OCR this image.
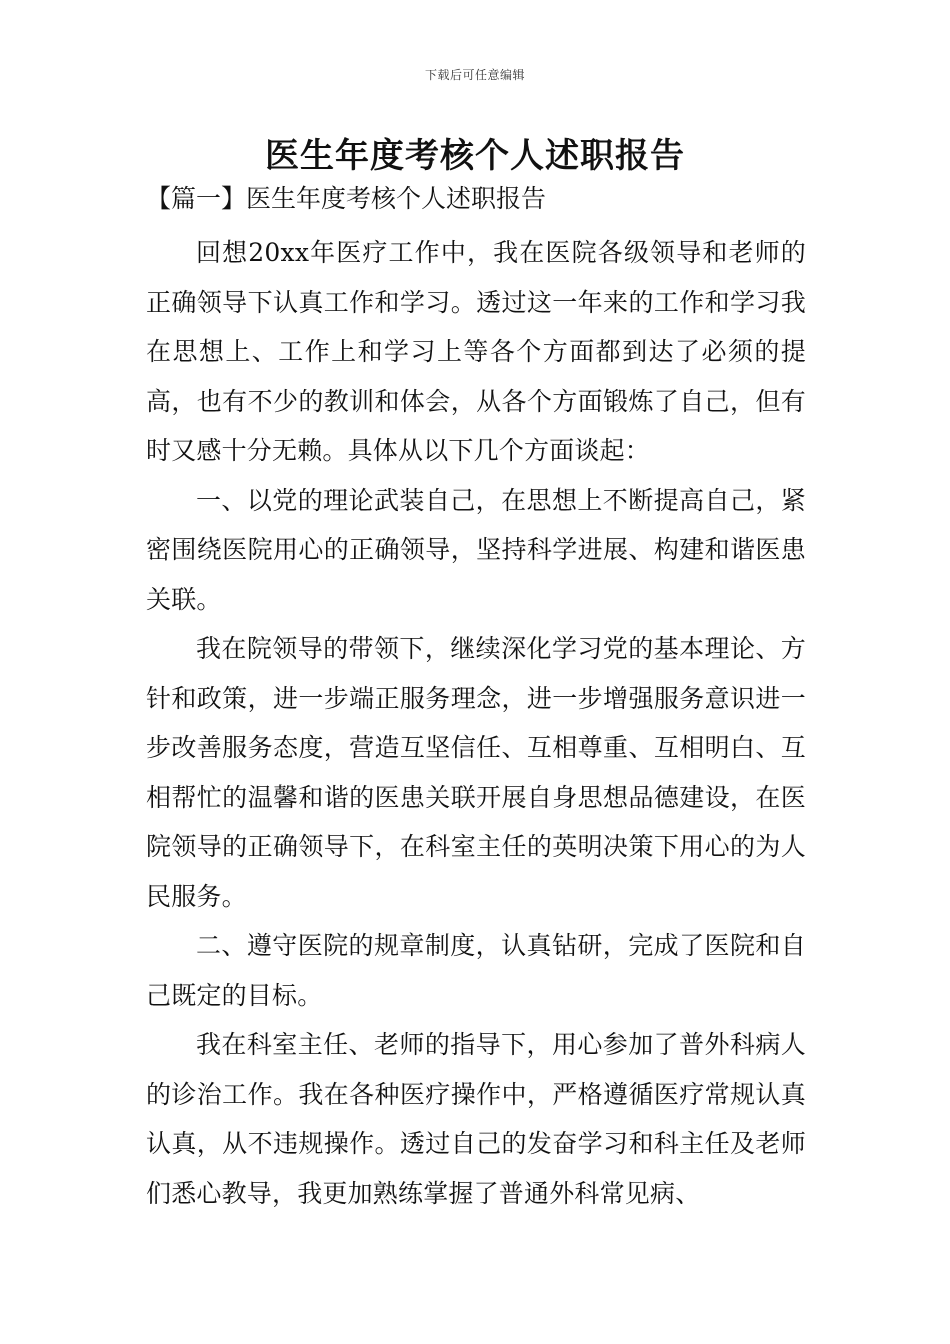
下载后可任意编辑
医生年度考核个人述职报告
【篇一】医生年度考核个人述职报告

回想20xx年医疗工作中，我在医院各级领导和老师的正确领导下认真工作和学习。透过这一年来的工作和学习我在思想上、工作上和学习上等各个方面都到达了必须的提高，也有不少的教训和体会，从各个方面锻炼了自己，但有时又感十分无赖。具体从以下几个方面谈起：

一、以党的理论武装自己，在思想上不断提高自己，紧密围绕医院用心的正确领导，坚持科学进展、构建和谐医患关联。

我在院领导的带领下，继续深化学习党的基本理论、方针和政策，进一步端正服务理念，进一步增强服务意识进一步改善服务态度，营造互坚信任、互相尊重、互相明白、互相帮忙的温馨和谐的医患关联开展自身思想品德建设，在医院领导的正确领导下，在科室主任的英明决策下用心的为人民服务。

二、遵守医院的规章制度，认真钻研，完成了医院和自己既定的目标。

我在科室主任、老师的指导下，用心参加了普外科病人的诊治工作。我在各种医疗操作中，严格遵循医疗常规认真认真，从不违规操作。透过自己的发奋学习和科主任及老师们悉心教导，我更加熟练掌握了普通外科常见病、
